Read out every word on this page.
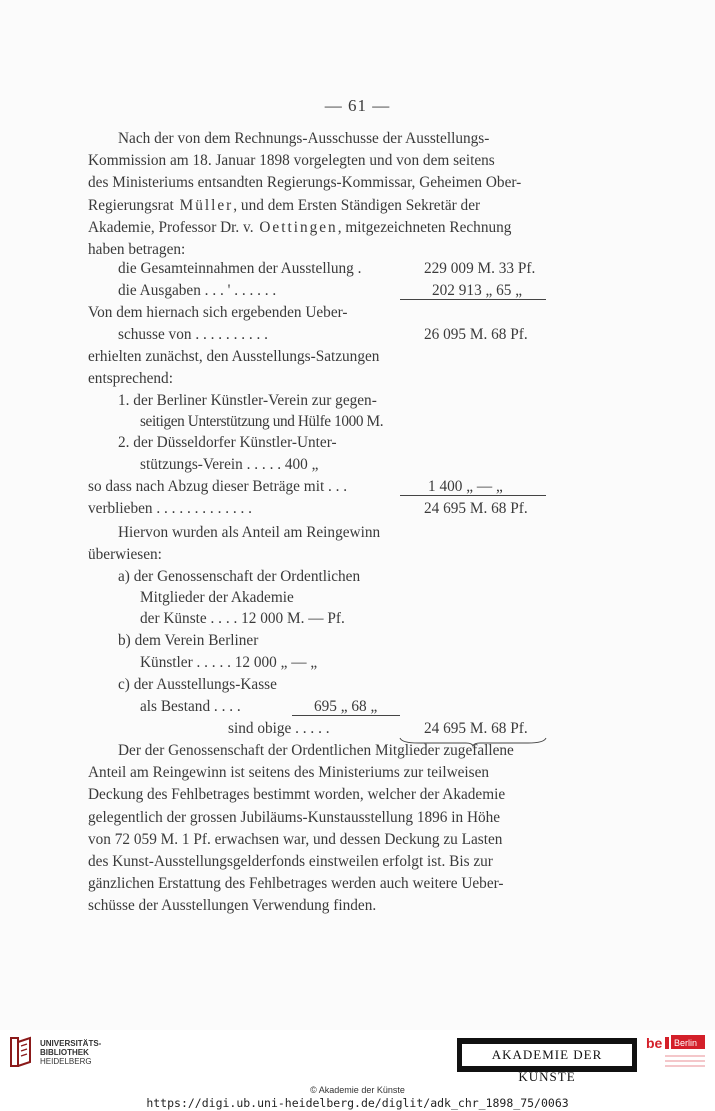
— 61 —
Nach der von dem Rechnungs-Ausschusse der Ausstellungs-
Kommission am 18. Januar 1898 vorgelegten und von dem seitens
des Ministeriums entsandten Regierungs-Kommissar, Geheimen Ober-
Regierungsrat Müller, und dem Ersten Ständigen Sekretär der
Akademie, Professor Dr. v. Oettingen, mitgezeichneten Rechnung
haben betragen:
die Gesamteinnahmen der Ausstellung .	229 009 M. 33 Pf.
die Ausgaben . . . ' . . . . . .	202 913 „ 65 „
Von dem hiernach sich ergebenden Ueber-
schusse von . . . . . . . . . .	26 095 M. 68 Pf.
erhielten zunächst, den Ausstellungs-Satzungen
entsprechend:
1. der Berliner Künstler-Verein zur gegen-
seitigen Unterstützung und Hülfe 1000 M.
2. der Düsseldorfer Künstler-Unter-
stützungs-Verein . . . . . 400 „
so dass nach Abzug dieser Beträge mit . . .	1 400 „ — „
verblieben . . . . . . . . . . . . .	24 695 M. 68 Pf.
Hiervon wurden als Anteil am Reingewinn
überwiesen:
a) der Genossenschaft der Ordentlichen
Mitglieder der Akademie
der Künste . . . . 12 000 M. — Pf.
b) dem Verein Berliner
Künstler . . . . . 12 000 „ — „
c) der Ausstellungs-Kasse
als Bestand . . . .	695 „ 68 „
sind obige . . . . .	24 695 M. 68 Pf.
Der der Genossenschaft der Ordentlichen Mitglieder zugefallene
Anteil am Reingewinn ist seitens des Ministeriums zur teilweisen
Deckung des Fehlbetrages bestimmt worden, welcher der Akademie
gelegentlich der grossen Jubiläums-Kunstausstellung 1896 in Höhe
von 72 059 M. 1 Pf. erwachsen war, und dessen Deckung zu Lasten
des Kunst-Ausstellungsgelderfonds einstweilen erfolgt ist. Bis zur
gänzlichen Erstattung des Fehlbetrages werden auch weitere Ueber-
schüsse der Ausstellungen Verwendung finden.
UNIVERSITÄTS-
BIBLIOTHEK
HEIDELBERG	AKADEMIE DER KÜNSTE
be Berlin
© Akademie der Künste
https://digi.ub.uni-heidelberg.de/diglit/adk_chr_1898_75/0063
